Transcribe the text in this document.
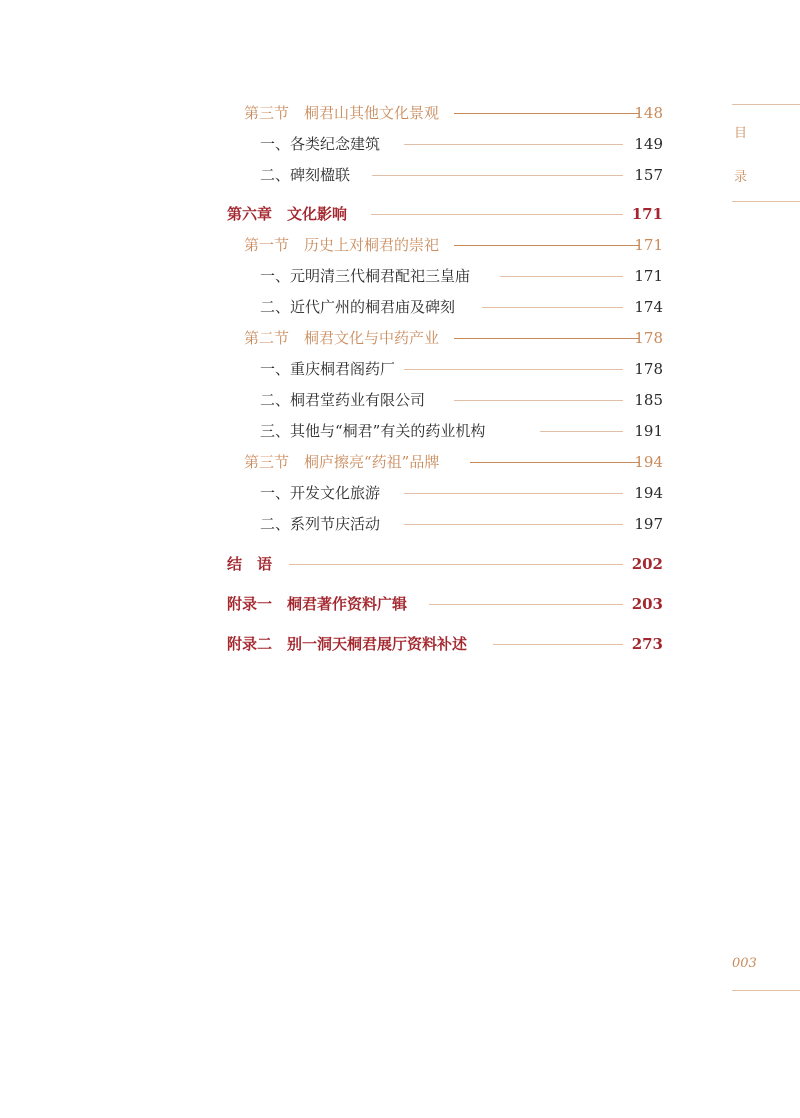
目
录
第三节　桐君山其他文化景观	148
一、各类纪念建筑	149
二、碑刻楹联	157
第六章　文化影响	171
第一节　历史上对桐君的崇祀	171
一、元明清三代桐君配祀三皇庙	171
二、近代广州的桐君庙及碑刻	174
第二节　桐君文化与中药产业	178
一、重庆桐君阁药厂	178
二、桐君堂药业有限公司	185
三、其他与“桐君”有关的药业机构	191
第三节　桐庐擦亮“药祖”品牌	194
一、开发文化旅游	194
二、系列节庆活动	197
结　语	202
附录一　桐君著作资料广辑	203
附录二　别一洞天桐君展厅资料补述	273
003
